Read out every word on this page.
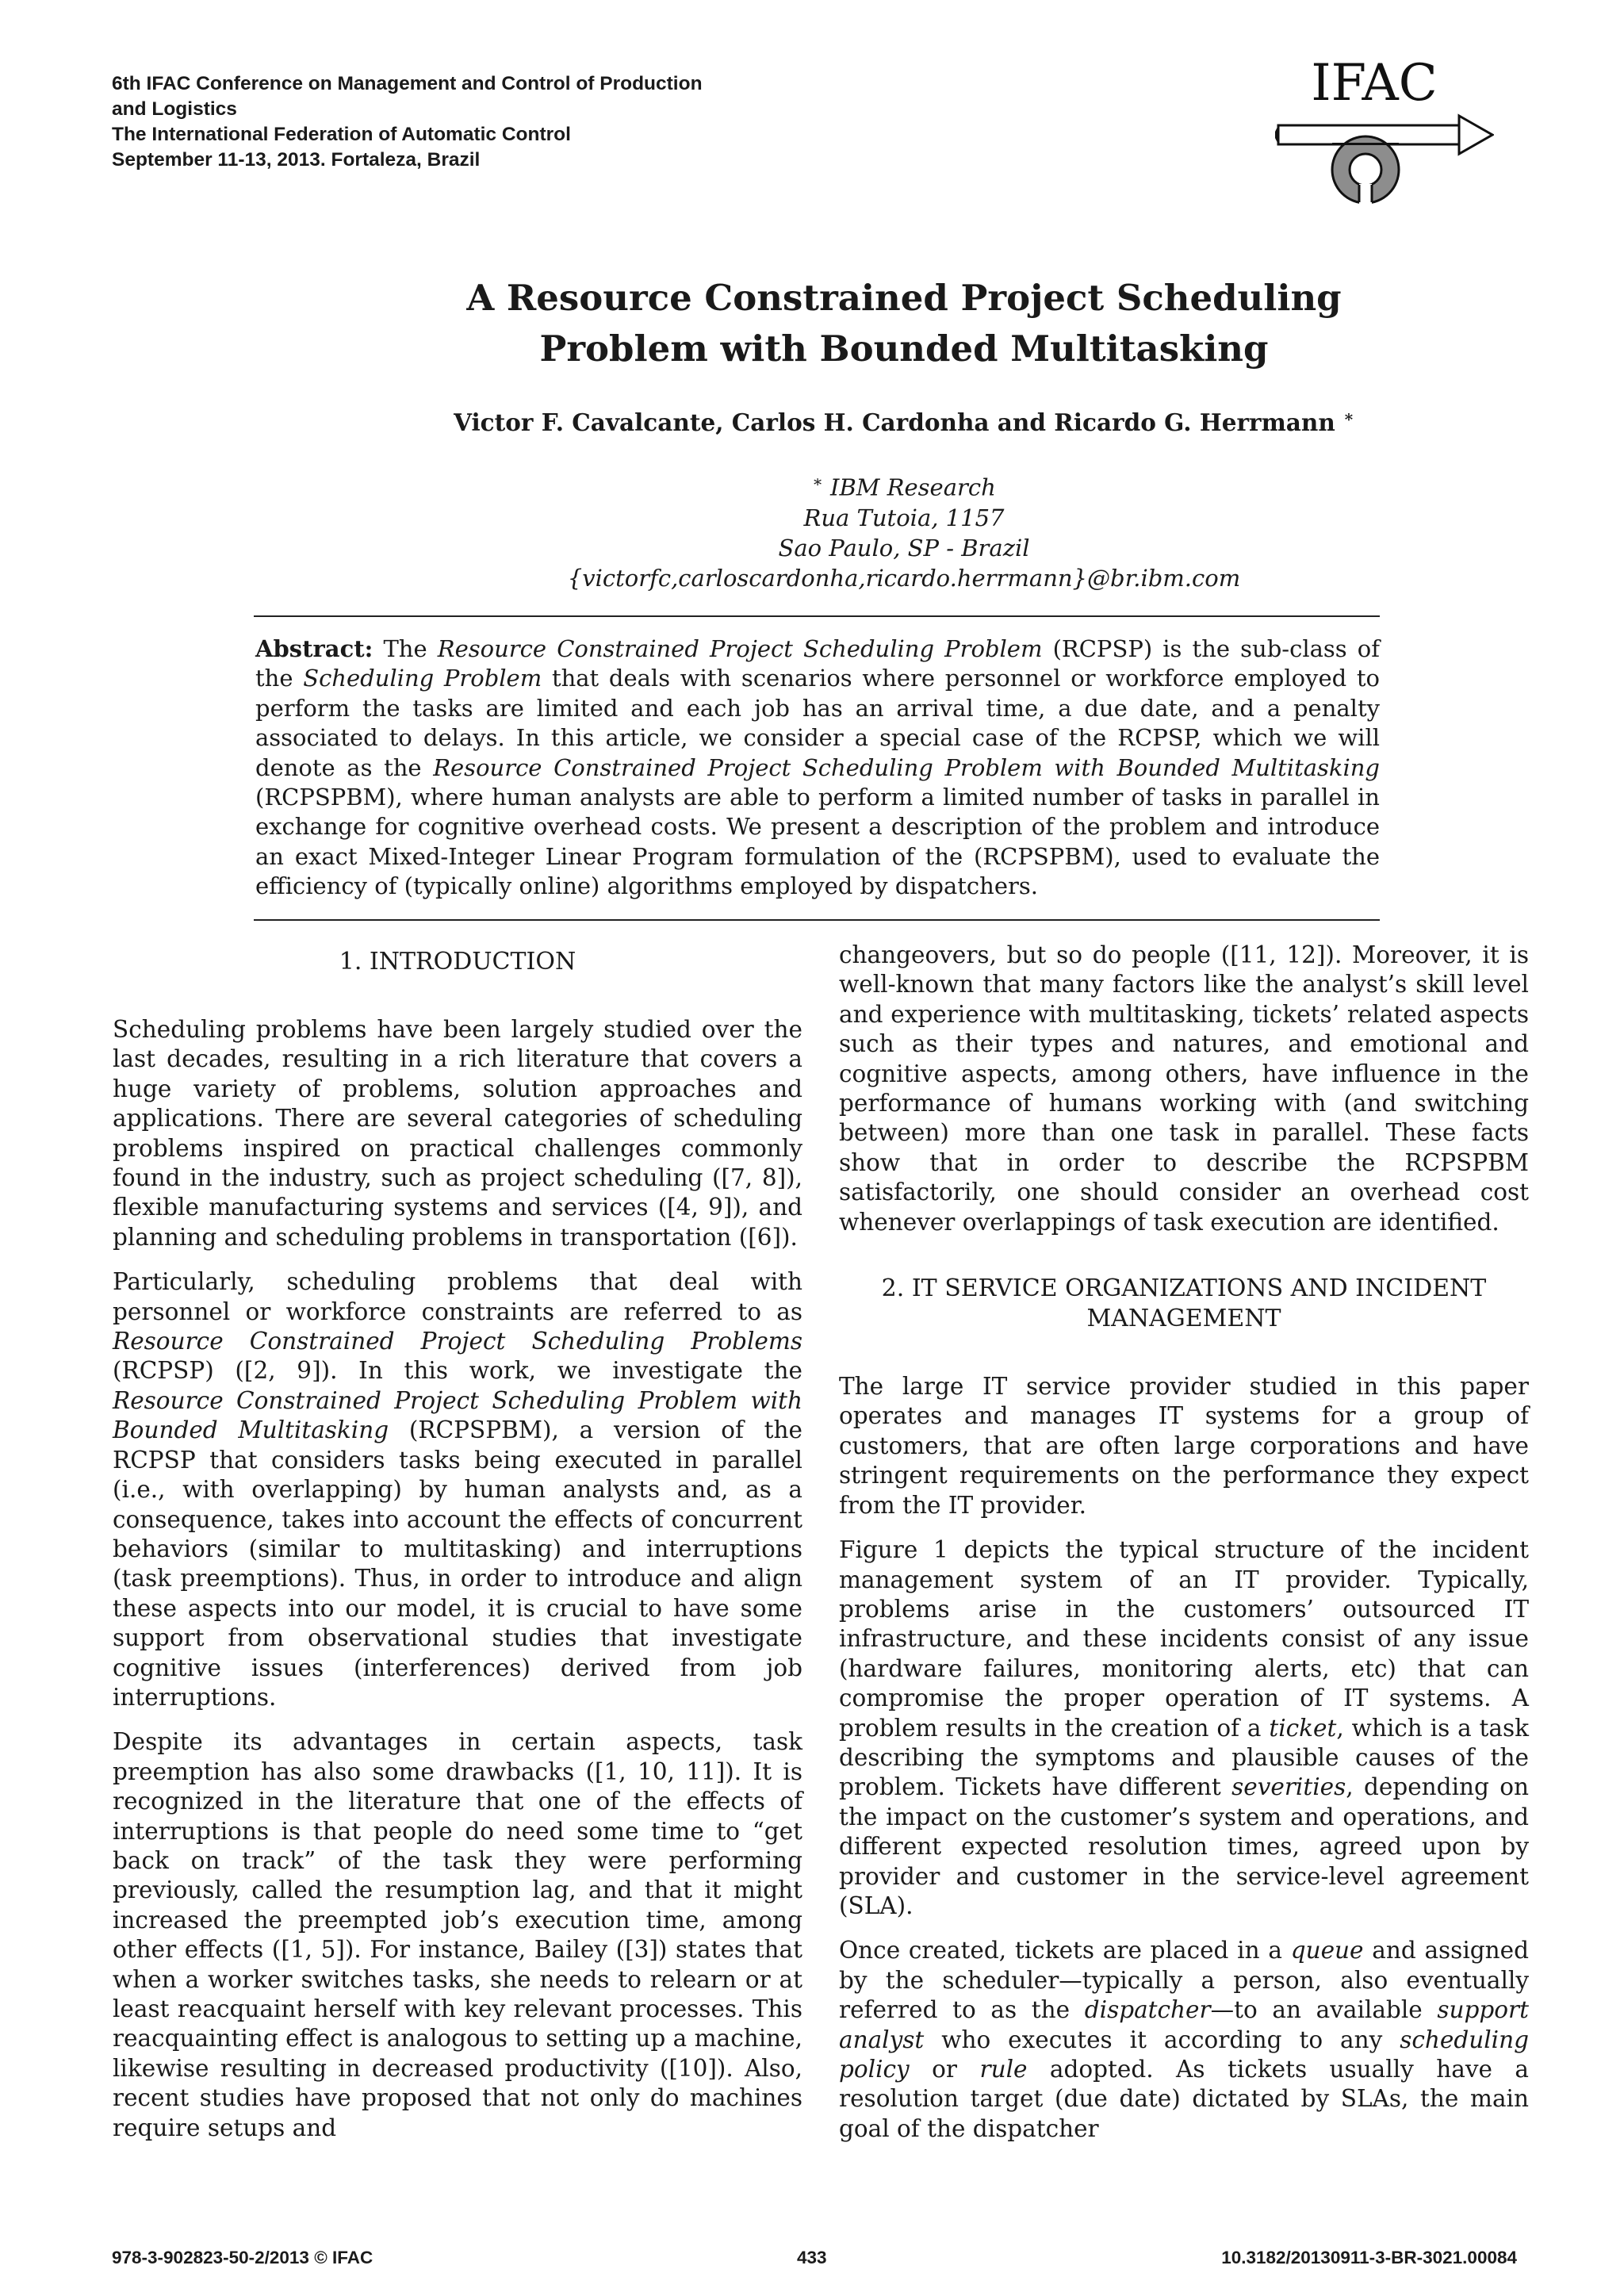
6th IFAC Conference on Management and Control of Production
and Logistics
The International Federation of Automatic Control
September 11-13, 2013. Fortaleza, Brazil
IFAC
A Resource Constrained Project Scheduling
Problem with Bounded Multitasking
Victor F. Cavalcante, Carlos H. Cardonha and Ricardo G. Herrmann ∗
∗ IBM Research
Rua Tutoia, 1157
Sao Paulo, SP - Brazil
{victorfc,carloscardonha,ricardo.herrmann}@br.ibm.com
Abstract: The Resource Constrained Project Scheduling Problem (RCPSP) is the sub-class of the Scheduling Problem that deals with scenarios where personnel or workforce employed to perform the tasks are limited and each job has an arrival time, a due date, and a penalty associated to delays. In this article, we consider a special case of the RCPSP, which we will denote as the Resource Constrained Project Scheduling Problem with Bounded Multitasking (RCPSPBM), where human analysts are able to perform a limited number of tasks in parallel in exchange for cognitive overhead costs. We present a description of the problem and introduce an exact Mixed-Integer Linear Program formulation of the (RCPSPBM), used to evaluate the efficiency of (typically online) algorithms employed by dispatchers.
1. INTRODUCTION

Scheduling problems have been largely studied over the last decades, resulting in a rich literature that covers a huge variety of problems, solution approaches and applications. There are several categories of scheduling problems inspired on practical challenges commonly found in the industry, such as project scheduling ([7, 8]), flexible manufacturing systems and services ([4, 9]), and planning and scheduling problems in transportation ([6]).

Particularly, scheduling problems that deal with personnel or workforce constraints are referred to as Resource Constrained Project Scheduling Problems (RCPSP) ([2, 9]). In this work, we investigate the Resource Constrained Project Scheduling Problem with Bounded Multitasking (RCPSPBM), a version of the RCPSP that considers tasks being executed in parallel (i.e., with overlapping) by human analysts and, as a consequence, takes into account the effects of concurrent behaviors (similar to multitasking) and interruptions (task preemptions). Thus, in order to introduce and align these aspects into our model, it is crucial to have some support from observational studies that investigate cognitive issues (interferences) derived from job interruptions.

Despite its advantages in certain aspects, task preemption has also some drawbacks ([1, 10, 11]). It is recognized in the literature that one of the effects of interruptions is that people do need some time to “get back on track” of the task they were performing previously, called the resumption lag, and that it might increased the preempted job’s execution time, among other effects ([1, 5]). For instance, Bailey ([3]) states that when a worker switches tasks, she needs to relearn or at least reacquaint herself with key relevant processes. This reacquainting effect is analogous to setting up a machine, likewise resulting in decreased productivity ([10]). Also, recent studies have proposed that not only do machines require setups and

changeovers, but so do people ([11, 12]). Moreover, it is well-known that many factors like the analyst’s skill level and experience with multitasking, tickets’ related aspects such as their types and natures, and emotional and cognitive aspects, among others, have influence in the performance of humans working with (and switching between) more than one task in parallel. These facts show that in order to describe the RCPSPBM satisfactorily, one should consider an overhead cost whenever overlappings of task execution are identified.

2. IT SERVICE ORGANIZATIONS AND INCIDENT
MANAGEMENT

The large IT service provider studied in this paper operates and manages IT systems for a group of customers, that are often large corporations and have stringent requirements on the performance they expect from the IT provider.

Figure 1 depicts the typical structure of the incident management system of an IT provider. Typically, problems arise in the customers’ outsourced IT infrastructure, and these incidents consist of any issue (hardware failures, monitoring alerts, etc) that can compromise the proper operation of IT systems. A problem results in the creation of a ticket, which is a task describing the symptoms and plausible causes of the problem. Tickets have different severities, depending on the impact on the customer’s system and operations, and different expected resolution times, agreed upon by provider and customer in the service-level agreement (SLA).

Once created, tickets are placed in a queue and assigned by the scheduler—typically a person, also eventually referred to as the dispatcher—to an available support analyst who executes it according to any scheduling policy or rule adopted. As tickets usually have a resolution target (due date) dictated by SLAs, the main goal of the dispatcher

978-3-902823-50-2/2013 © IFAC	433	10.3182/20130911-3-BR-3021.00084
